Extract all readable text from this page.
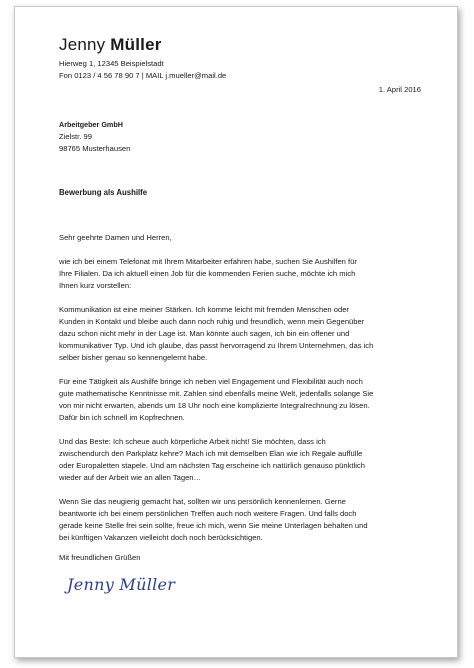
Jenny Müller
Hierweg 1, 12345 Beispielstadt
Fon 0123 / 4 56 78 90 7 | MAIL j.mueller@mail.de
1. April 2016
Arbeitgeber GmbH
Zielstr. 99
98765 Musterhausen
Bewerbung als Aushilfe
Sehr geehrte Damen und Herren,
wie ich bei einem Telefonat mit Ihrem Mitarbeiter erfahren habe, suchen Sie Aushilfen für
Ihre Filialen. Da ich aktuell einen Job für die kommenden Ferien suche, möchte ich mich
Ihnen kurz vorstellen:
Kommunikation ist eine meiner Stärken. Ich komme leicht mit fremden Menschen oder
Kunden in Kontakt und bleibe auch dann noch ruhig und freundlich, wenn mein Gegenüber
dazu schon nicht mehr in der Lage ist. Man könnte auch sagen, ich bin ein offener und
kommunikativer Typ. Und ich glaube, das passt hervorragend zu Ihrem Unternehmen, das ich
selber bisher genau so kennengelernt habe.
Für eine Tätigkeit als Aushilfe bringe ich neben viel Engagement und Flexibilität auch noch
gute mathematische Kenntnisse mit. Zahlen sind ebenfalls meine Welt, jedenfalls solange Sie
von mir nicht erwarten, abends um 18 Uhr noch eine komplizierte Integralrechnung zu lösen.
Dafür bin ich schnell im Kopfrechnen.
Und das Beste: Ich scheue auch körperliche Arbeit nicht! Sie möchten, dass ich
zwischendurch den Parkplatz kehre? Mach ich mit demselben Elan wie ich Regale auffülle
oder Europaletten stapele. Und am nächsten Tag erscheine ich natürlich genauso pünktlich
wieder auf der Arbeit wie an allen Tagen…
Wenn Sie das neugierig gemacht hat, sollten wir uns persönlich kennenlernen. Gerne
beantworte ich bei einem persönlichen Treffen auch noch weitere Fragen. Und falls doch
gerade keine Stelle frei sein sollte, freue ich mich, wenn Sie meine Unterlagen behalten und
bei künftigen Vakanzen vielleicht doch noch berücksichtigen.
Mit freundlichen Grüßen
Jenny Müller
